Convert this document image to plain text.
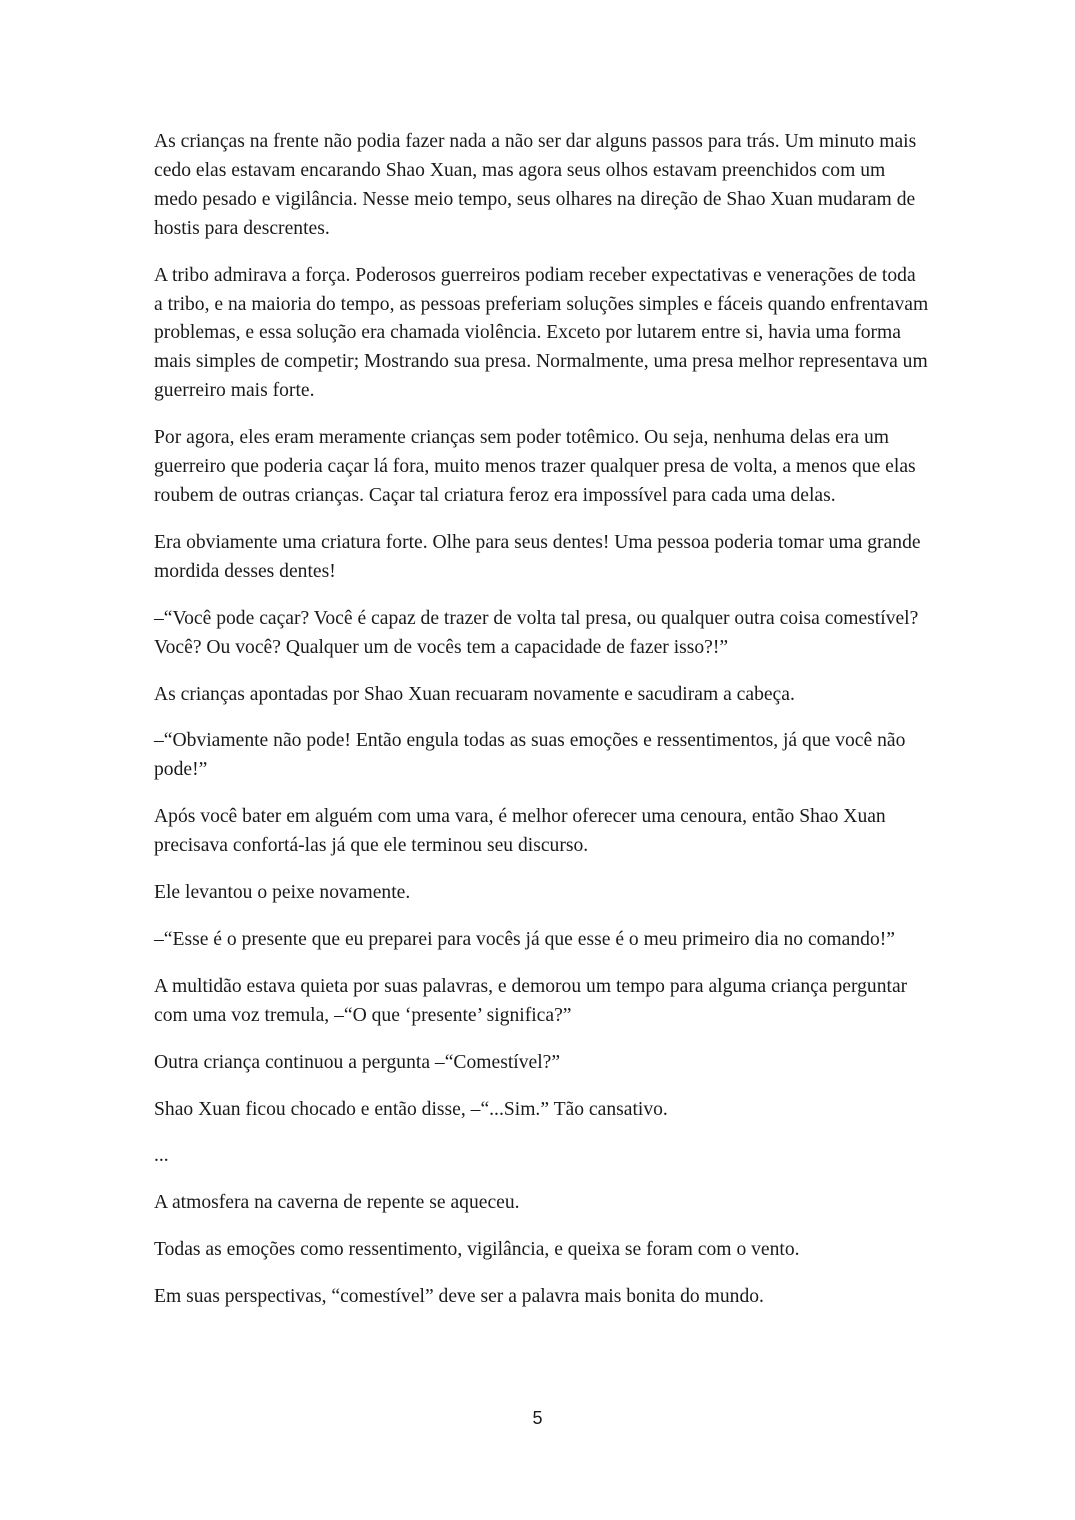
As crianças na frente não podia fazer nada a não ser dar alguns passos para trás. Um minuto mais cedo elas estavam encarando Shao Xuan, mas agora seus olhos estavam preenchidos com um medo pesado e vigilância. Nesse meio tempo, seus olhares na direção de Shao Xuan mudaram de hostis para descrentes.

A tribo admirava a força. Poderosos guerreiros podiam receber expectativas e venerações de toda a tribo, e na maioria do tempo, as pessoas preferiam soluções simples e fáceis quando enfrentavam problemas, e essa solução era chamada violência. Exceto por lutarem entre si, havia uma forma mais simples de competir; Mostrando sua presa. Normalmente, uma presa melhor representava um guerreiro mais forte.

Por agora, eles eram meramente crianças sem poder totêmico. Ou seja, nenhuma delas era um guerreiro que poderia caçar lá fora, muito menos trazer qualquer presa de volta, a menos que elas roubem de outras crianças. Caçar tal criatura feroz era impossível para cada uma delas.

Era obviamente uma criatura forte. Olhe para seus dentes! Uma pessoa poderia tomar uma grande mordida desses dentes!

–“Você pode caçar? Você é capaz de trazer de volta tal presa, ou qualquer outra coisa comestível? Você? Ou você? Qualquer um de vocês tem a capacidade de fazer isso?!”

As crianças apontadas por Shao Xuan recuaram novamente e sacudiram a cabeça.

–“Obviamente não pode! Então engula todas as suas emoções e ressentimentos, já que você não pode!”

Após você bater em alguém com uma vara, é melhor oferecer uma cenoura, então Shao Xuan precisava confortá-las já que ele terminou seu discurso.

Ele levantou o peixe novamente.

–“Esse é o presente que eu preparei para vocês já que esse é o meu primeiro dia no comando!”

A multidão estava quieta por suas palavras, e demorou um tempo para alguma criança perguntar com uma voz tremula, –“O que ‘presente’ significa?”

Outra criança continuou a pergunta –“Comestível?”

Shao Xuan ficou chocado e então disse, –“...Sim.” Tão cansativo.

...

A atmosfera na caverna de repente se aqueceu.

Todas as emoções como ressentimento, vigilância, e queixa se foram com o vento.

Em suas perspectivas, “comestível” deve ser a palavra mais bonita do mundo.

5
